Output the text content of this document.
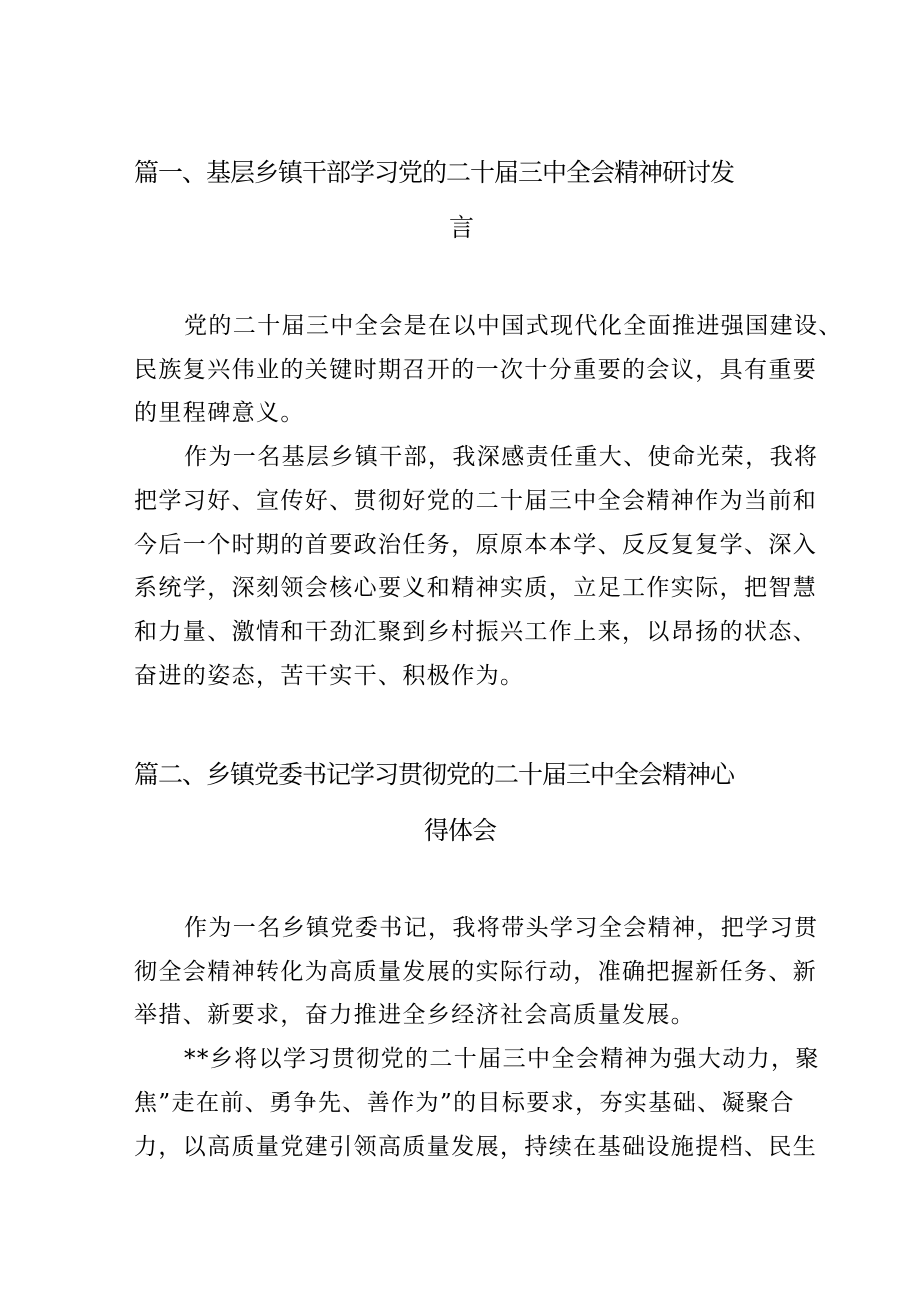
篇一、基层乡镇干部学习党的二十届三中全会精神研讨发
言
党的二十届三中全会是在以中国式现代化全面推进强国建设、
民族复兴伟业的关键时期召开的一次十分重要的会议，具有重要
的里程碑意义。
作为一名基层乡镇干部，我深感责任重大、使命光荣，我将
把学习好、宣传好、贯彻好党的二十届三中全会精神作为当前和
今后一个时期的首要政治任务，原原本本学、反反复复学、深入
系统学，深刻领会核心要义和精神实质，立足工作实际，把智慧
和力量、激情和干劲汇聚到乡村振兴工作上来，以昂扬的状态、
奋进的姿态，苦干实干、积极作为。
篇二、乡镇党委书记学习贯彻党的二十届三中全会精神心
得体会
作为一名乡镇党委书记，我将带头学习全会精神，把学习贯
彻全会精神转化为高质量发展的实际行动，准确把握新任务、新
举措、新要求，奋力推进全乡经济社会高质量发展。
**乡将以学习贯彻党的二十届三中全会精神为强大动力，聚
焦”走在前、勇争先、善作为”的目标要求，夯实基础、凝聚合
力，以高质量党建引领高质量发展，持续在基础设施提档、民生
